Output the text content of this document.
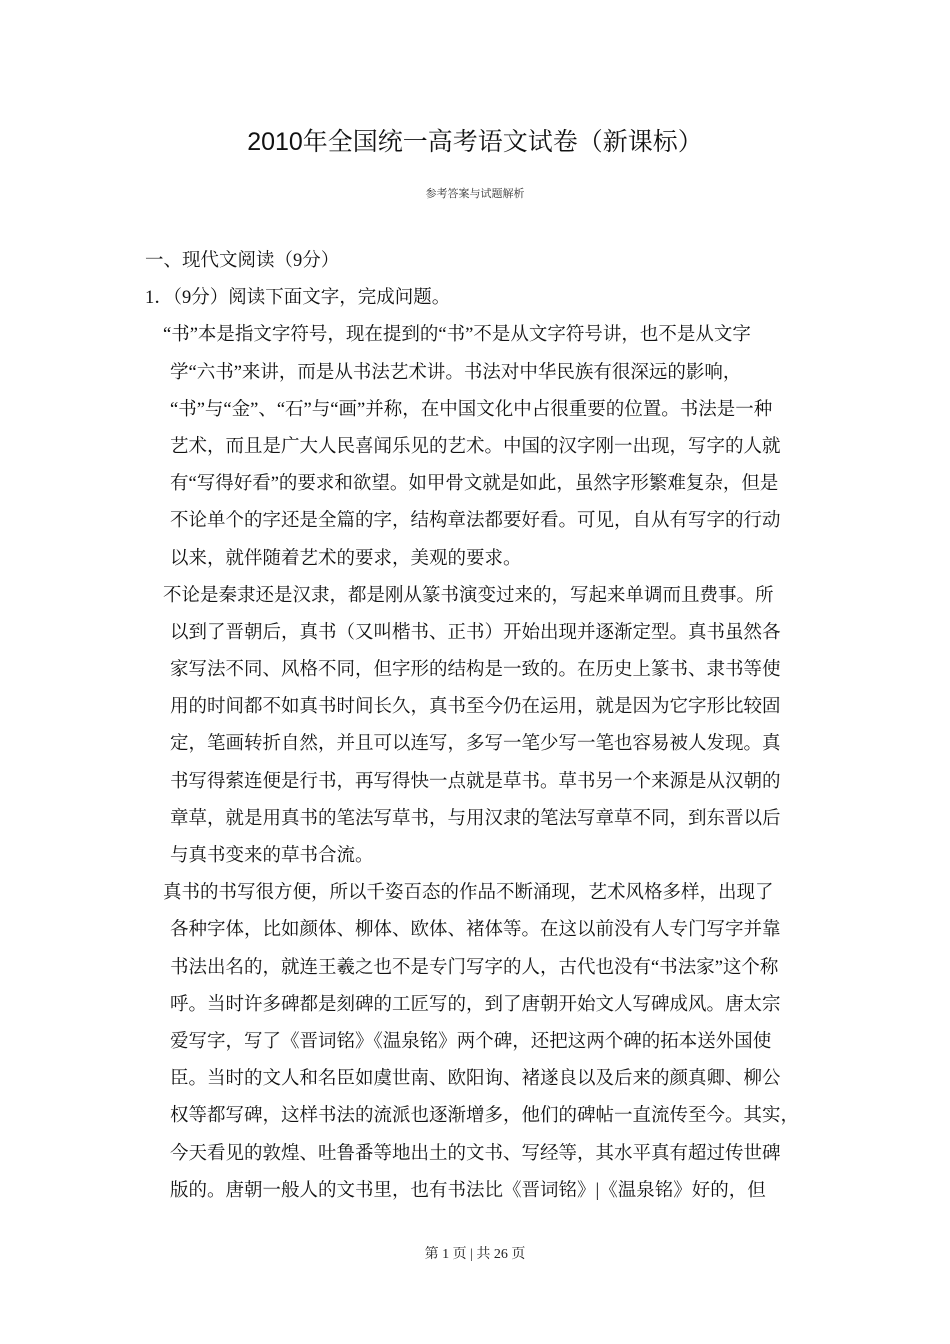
2010年全国统一高考语文试卷（新课标）
参考答案与试题解析
一、现代文阅读（9分）
1．（9分）阅读下面文字，完成问题。
“书”本是指文字符号，现在提到的“书”不是从文字符号讲，也不是从文字
学“六书”来讲，而是从书法艺术讲。书法对中华民族有很深远的影响，
“书”与“金”、“石”与“画”并称，在中国文化中占很重要的位置。书法是一种
艺术，而且是广大人民喜闻乐见的艺术。中国的汉字刚一出现，写字的人就
有“写得好看”的要求和欲望。如甲骨文就是如此，虽然字形繁难复杂，但是
不论单个的字还是全篇的字，结构章法都要好看。可见，自从有写字的行动
以来，就伴随着艺术的要求，美观的要求。
不论是秦隶还是汉隶，都是刚从篆书演变过来的，写起来单调而且费事。所
以到了晋朝后，真书（又叫楷书、正书）开始出现并逐渐定型。真书虽然各
家写法不同、风格不同，但字形的结构是一致的。在历史上篆书、隶书等使
用的时间都不如真书时间长久，真书至今仍在运用，就是因为它字形比较固
定，笔画转折自然，并且可以连写，多写一笔少写一笔也容易被人发现。真
书写得萦连便是行书，再写得快一点就是草书。草书另一个来源是从汉朝的
章草，就是用真书的笔法写草书，与用汉隶的笔法写章草不同，到东晋以后
与真书变来的草书合流。
真书的书写很方便，所以千姿百态的作品不断涌现，艺术风格多样，出现了
各种字体，比如颜体、柳体、欧体、褚体等。在这以前没有人专门写字并靠
书法出名的，就连王羲之也不是专门写字的人，古代也没有“书法家”这个称
呼。当时许多碑都是刻碑的工匠写的，到了唐朝开始文人写碑成风。唐太宗
爱写字，写了《晋词铭》《温泉铭》两个碑，还把这两个碑的拓本送外国使
臣。当时的文人和名臣如虞世南、欧阳询、褚遂良以及后来的颜真卿、柳公
权等都写碑，这样书法的流派也逐渐增多，他们的碑帖一直流传至今。其实，
今天看见的敦煌、吐鲁番等地出土的文书、写经等，其水平真有超过传世碑
版的。唐朝一般人的文书里，也有书法比《晋词铭》|《温泉铭》好的，但
第 1 页 | 共 26 页
